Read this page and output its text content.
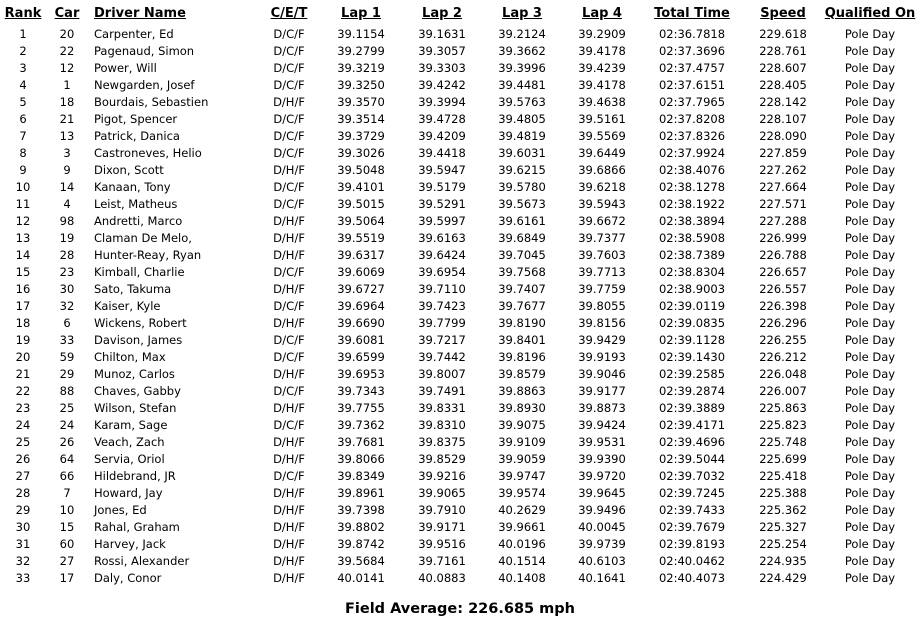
Rank	Car	Driver Name	C/E/T	Lap 1	Lap 2	Lap 3	Lap 4	Total Time	Speed	Qualified On
1	20	Carpenter, Ed	D/C/F	39.1154	39.1631	39.2124	39.2909	02:36.7818	229.618	Pole Day
2	22	Pagenaud, Simon	D/C/F	39.2799	39.3057	39.3662	39.4178	02:37.3696	228.761	Pole Day
3	12	Power, Will	D/C/F	39.3219	39.3303	39.3996	39.4239	02:37.4757	228.607	Pole Day
4	1	Newgarden, Josef	D/C/F	39.3250	39.4242	39.4481	39.4178	02:37.6151	228.405	Pole Day
5	18	Bourdais, Sebastien	D/H/F	39.3570	39.3994	39.5763	39.4638	02:37.7965	228.142	Pole Day
6	21	Pigot, Spencer	D/C/F	39.3514	39.4728	39.4805	39.5161	02:37.8208	228.107	Pole Day
7	13	Patrick, Danica	D/C/F	39.3729	39.4209	39.4819	39.5569	02:37.8326	228.090	Pole Day
8	3	Castroneves, Helio	D/C/F	39.3026	39.4418	39.6031	39.6449	02:37.9924	227.859	Pole Day
9	9	Dixon, Scott	D/H/F	39.5048	39.5947	39.6215	39.6866	02:38.4076	227.262	Pole Day
10	14	Kanaan, Tony	D/C/F	39.4101	39.5179	39.5780	39.6218	02:38.1278	227.664	Pole Day
11	4	Leist, Matheus	D/C/F	39.5015	39.5291	39.5673	39.5943	02:38.1922	227.571	Pole Day
12	98	Andretti, Marco	D/H/F	39.5064	39.5997	39.6161	39.6672	02:38.3894	227.288	Pole Day
13	19	Claman De Melo,	D/H/F	39.5519	39.6163	39.6849	39.7377	02:38.5908	226.999	Pole Day
14	28	Hunter-Reay, Ryan	D/H/F	39.6317	39.6424	39.7045	39.7603	02:38.7389	226.788	Pole Day
15	23	Kimball, Charlie	D/C/F	39.6069	39.6954	39.7568	39.7713	02:38.8304	226.657	Pole Day
16	30	Sato, Takuma	D/H/F	39.6727	39.7110	39.7407	39.7759	02:38.9003	226.557	Pole Day
17	32	Kaiser, Kyle	D/C/F	39.6964	39.7423	39.7677	39.8055	02:39.0119	226.398	Pole Day
18	6	Wickens, Robert	D/H/F	39.6690	39.7799	39.8190	39.8156	02:39.0835	226.296	Pole Day
19	33	Davison, James	D/C/F	39.6081	39.7217	39.8401	39.9429	02:39.1128	226.255	Pole Day
20	59	Chilton, Max	D/C/F	39.6599	39.7442	39.8196	39.9193	02:39.1430	226.212	Pole Day
21	29	Munoz, Carlos	D/H/F	39.6953	39.8007	39.8579	39.9046	02:39.2585	226.048	Pole Day
22	88	Chaves, Gabby	D/C/F	39.7343	39.7491	39.8863	39.9177	02:39.2874	226.007	Pole Day
23	25	Wilson, Stefan	D/H/F	39.7755	39.8331	39.8930	39.8873	02:39.3889	225.863	Pole Day
24	24	Karam, Sage	D/C/F	39.7362	39.8310	39.9075	39.9424	02:39.4171	225.823	Pole Day
25	26	Veach, Zach	D/H/F	39.7681	39.8375	39.9109	39.9531	02:39.4696	225.748	Pole Day
26	64	Servia, Oriol	D/H/F	39.8066	39.8529	39.9059	39.9390	02:39.5044	225.699	Pole Day
27	66	Hildebrand, JR	D/C/F	39.8349	39.9216	39.9747	39.9720	02:39.7032	225.418	Pole Day
28	7	Howard, Jay	D/H/F	39.8961	39.9065	39.9574	39.9645	02:39.7245	225.388	Pole Day
29	10	Jones, Ed	D/H/F	39.7398	39.7910	40.2629	39.9496	02:39.7433	225.362	Pole Day
30	15	Rahal, Graham	D/H/F	39.8802	39.9171	39.9661	40.0045	02:39.7679	225.327	Pole Day
31	60	Harvey, Jack	D/H/F	39.8742	39.9516	40.0196	39.9739	02:39.8193	225.254	Pole Day
32	27	Rossi, Alexander	D/H/F	39.5684	39.7161	40.1514	40.6103	02:40.0462	224.935	Pole Day
33	17	Daly, Conor	D/H/F	40.0141	40.0883	40.1408	40.1641	02:40.4073	224.429	Pole Day
Field Average: 226.685 mph
